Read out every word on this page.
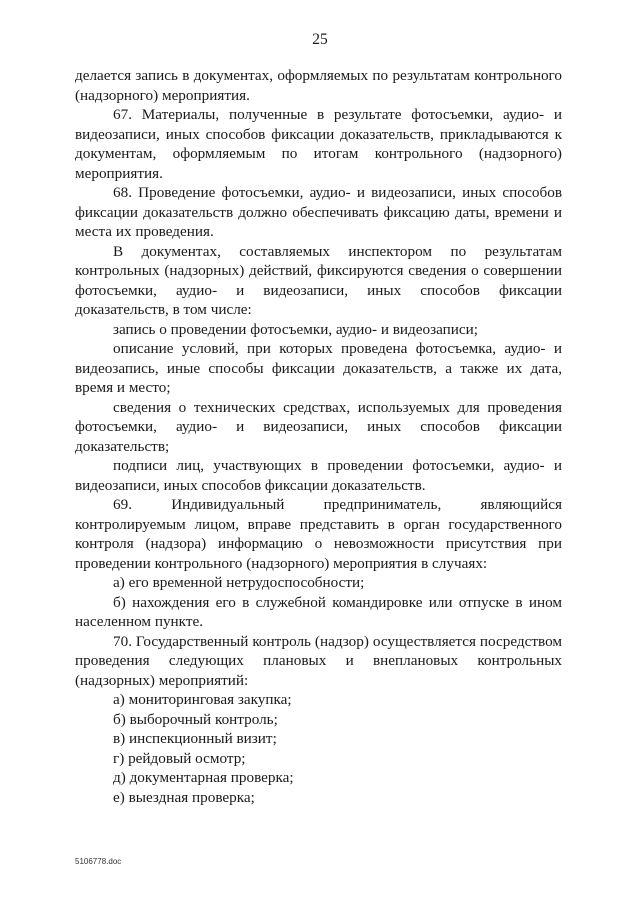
25

делается запись в документах, оформляемых по результатам контрольного (надзорного) мероприятия.

67. Материалы, полученные в результате фотосъемки, аудио- и видеозаписи, иных способов фиксации доказательств, прикладываются к документам, оформляемым по итогам контрольного (надзорного) мероприятия.

68. Проведение фотосъемки, аудио- и видеозаписи, иных способов фиксации доказательств должно обеспечивать фиксацию даты, времени и места их проведения.

В документах, составляемых инспектором по результатам контрольных (надзорных) действий, фиксируются сведения о совершении фотосъемки, аудио- и видеозаписи, иных способов фиксации доказательств, в том числе:

запись о проведении фотосъемки, аудио- и видеозаписи;

описание условий, при которых проведена фотосъемка, аудио- и видеозапись, иные способы фиксации доказательств, а также их дата, время и место;

сведения о технических средствах, используемых для проведения фотосъемки, аудио- и видеозаписи, иных способов фиксации доказательств;

подписи лиц, участвующих в проведении фотосъемки, аудио- и видеозаписи, иных способов фиксации доказательств.

69. Индивидуальный предприниматель, являющийся контролируемым лицом, вправе представить в орган государственного контроля (надзора) информацию о невозможности присутствия при проведении контрольного (надзорного) мероприятия в случаях:

а) его временной нетрудоспособности;

б) нахождения его в служебной командировке или отпуске в ином населенном пункте.

70. Государственный контроль (надзор) осуществляется посредством проведения следующих плановых и внеплановых контрольных (надзорных) мероприятий:

а) мониторинговая закупка;

б) выборочный контроль;

в) инспекционный визит;

г) рейдовый осмотр;

д) документарная проверка;

е) выездная проверка;

5106778.doc
